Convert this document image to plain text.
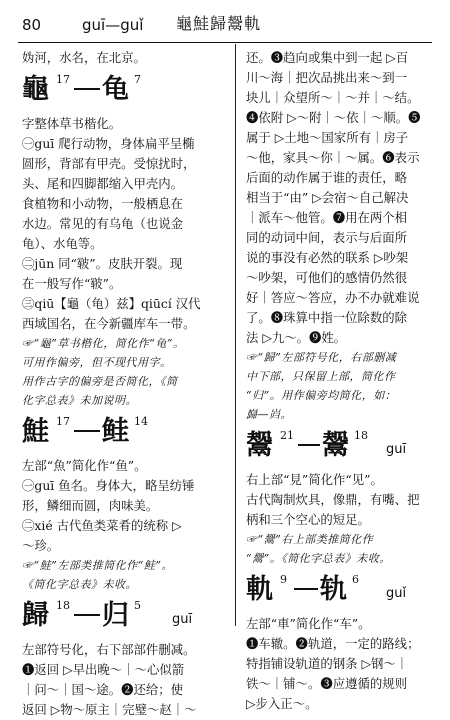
80	guī—guǐ 龜鮭歸鬶軌

妫河，水名，在北京。

龜 17 龟 7

字整体草书楷化。

㊀guī 爬行动物，身体扁平呈椭

圆形，背部有甲壳。受惊扰时，

头、尾和四脚都缩入甲壳内。

食植物和小动物，一般栖息在

水边。常见的有乌龟（也说金

龟）、水龟等。

㊁jūn 同“皲”。皮肤开裂。现

在一般写作“皲”。

㊂qiū【龜（龟）兹】qiūcí 汉代

西域国名，在今新疆库车一带。

☞“龜”草书楷化，简化作“龟”。

可用作偏旁，但不现代用字。

用作古字的偏旁是否简化，《简

化字总表》未加说明。

鮭 17 鲑 14

左部“魚”简化作“鱼”。

㊀guī 鱼名。身体大，略呈纺锤

形，鳞细而圆，肉味美。

㊁xié 古代鱼类菜肴的统称 ▷

～珍。

☞“鮭”左部类推简化作“鲑”。

《简化字总表》未收。

歸 18 归 5
guī

左部符号化，右下部部件删减。

❶返回 ▷早出晚～｜～心似箭

｜问～｜国～途。❷还给；使

返回 ▷物～原主｜完璧～赵｜～

还。❸趋向或集中到一起 ▷百

川～海｜把次品挑出来～到一

块儿｜众望所～｜～并｜～结。

❹依附 ▷～附｜～依｜～顺。❺

属于 ▷土地～国家所有｜房子

～他，家具～你｜～属。❻表示

后面的动作属于谁的责任，略

相当于“由” ▷会宿～自己解决

｜派车～他管。❼用在两个相

同的动词中间，表示与后面所

说的事没有必然的联系 ▷吵架

～吵架，可他们的感情仍然很

好｜答应～答应，办不办就难说

了。❽珠算中指一位除数的除

法 ▷九～。❾姓。

☞“歸”左部符号化，右部删减

中下部，只保留上部，简化作

“归”。用作偏旁均简化，如：

巋—岿。

鬶 21 鬶 18
guī

右上部“見”简化作“见”。

古代陶制炊具，像鼎，有嘴、把

柄和三个空心的短足。

☞“鬶”右上部类推简化作

“鬶”。《简化字总表》未收。

軌 9 轨 6
guǐ

左部“車”简化作“车”。

❶车辙。❷轨道，一定的路线；

特指铺设轨道的钢条 ▷钢～｜

铁～｜铺～。❸应遵循的规则

▷步入正～。
